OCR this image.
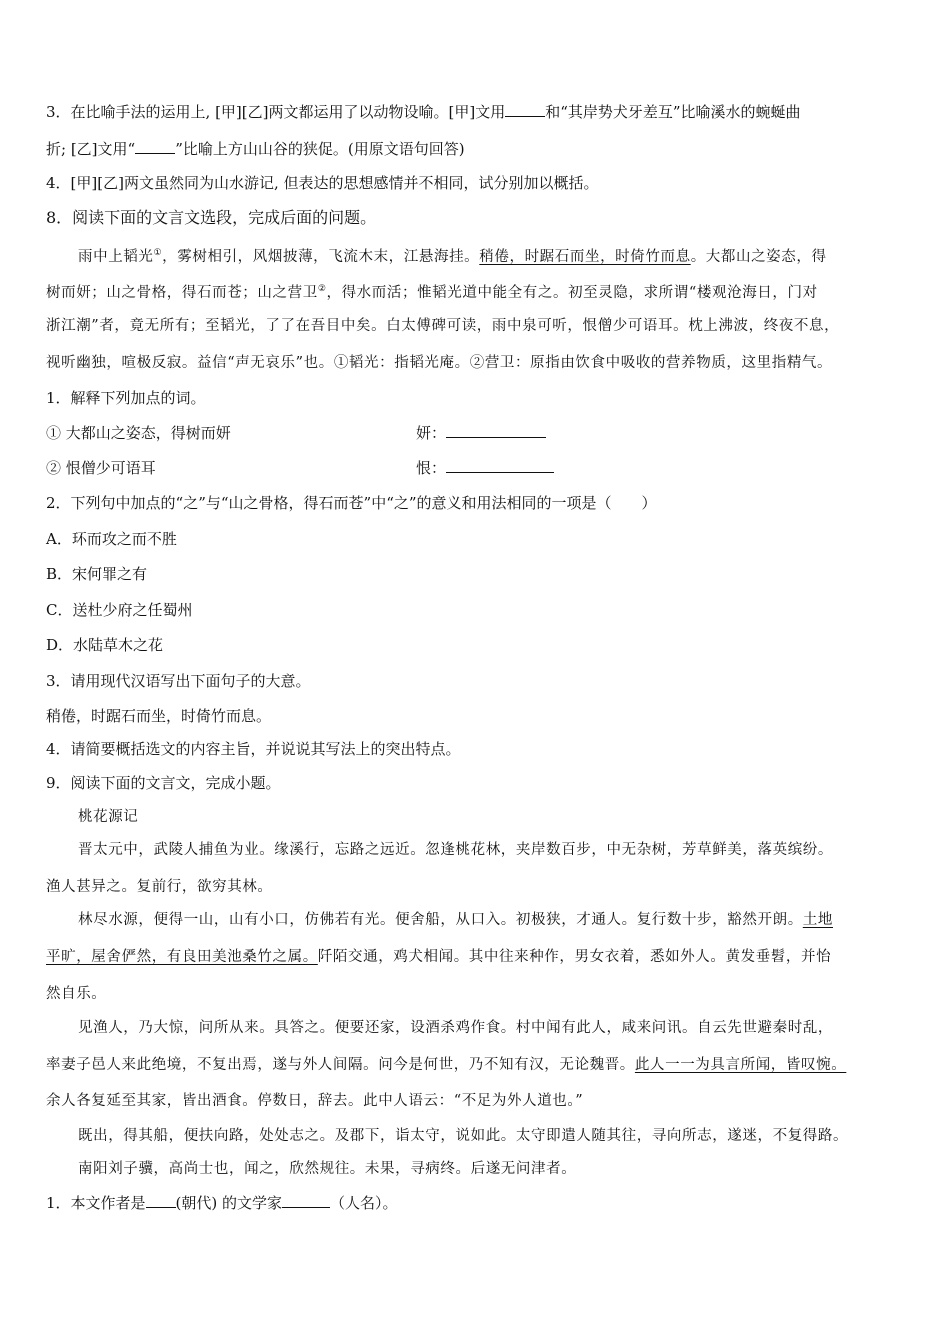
3．在比喻手法的运用上, [甲][乙]两文都运用了以动物设喻。[甲]文用	和“其岸势犬牙差互”比喻溪水的蜿蜒曲
折; [乙]文用“	”比喻上方山山谷的狭促。(用原文语句回答)
4．[甲][乙]两文虽然同为山水游记, 但表达的思想感情并不相同，试分别加以概括。
8．阅读下面的文言文选段，完成后面的问题。
雨中上韬光①，雾树相引，风烟披薄，飞流木末，江悬海挂。稍倦，时踞石而坐，时倚竹而息。大都山之姿态，得
树而妍；山之骨格，得石而苍；山之营卫②，得水而活；惟韬光道中能全有之。初至灵隐，求所谓“楼观沧海日，门对
浙江潮”者，竟无所有；至韬光，了了在吾目中矣。白太傅碑可读，雨中泉可听，恨僧少可语耳。枕上沸波，终夜不息，
视听幽独，喧极反寂。益信“声无哀乐”也。①韬光：指韬光庵。②营卫：原指由饮食中吸收的营养物质，这里指精气。
1．解释下列加点的词。
① 大都山之姿态，得树而妍	妍：
② 恨僧少可语耳	恨：
2．下列句中加点的“之”与“山之骨格，得石而苍”中“之”的意义和用法相同的一项是（　　）
A．环而攻之而不胜
B．宋何罪之有
C．送杜少府之任蜀州
D．水陆草木之花
3．请用现代汉语写出下面句子的大意。
稍倦，时踞石而坐，时倚竹而息。
4．请简要概括选文的内容主旨，并说说其写法上的突出特点。
9．阅读下面的文言文，完成小题。
桃花源记
晋太元中，武陵人捕鱼为业。缘溪行，忘路之远近。忽逢桃花林，夹岸数百步，中无杂树，芳草鲜美，落英缤纷。
渔人甚异之。复前行，欲穷其林。
林尽水源，便得一山，山有小口，仿佛若有光。便舍船，从口入。初极狭，才通人。复行数十步，豁然开朗。土地
平旷，屋舍俨然，有良田美池桑竹之属。阡陌交通，鸡犬相闻。其中往来种作，男女衣着，悉如外人。黄发垂髫，并怡
然自乐。
见渔人，乃大惊，问所从来。具答之。便要还家，设酒杀鸡作食。村中闻有此人，咸来问讯。自云先世避秦时乱，
率妻子邑人来此绝境，不复出焉，遂与外人间隔。问今是何世，乃不知有汉，无论魏晋。此人一一为具言所闻，皆叹惋。
余人各复延至其家，皆出酒食。停数日，辞去。此中人语云：“不足为外人道也。”
既出，得其船，便扶向路，处处志之。及郡下，诣太守，说如此。太守即遣人随其往，寻向所志，遂迷，不复得路。
南阳刘子骥，高尚士也，闻之，欣然规往。未果，寻病终。后遂无问津者。
1．本文作者是 (朝代) 的文学家	（人名）。
